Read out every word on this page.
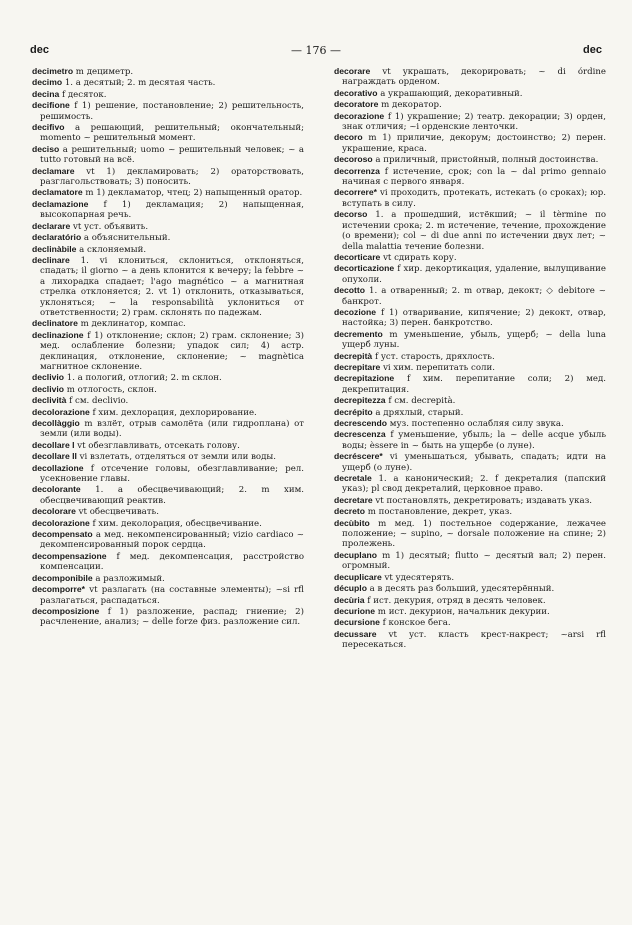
dec	— 176 —	dec

decimetro m дециметр.

decimo 1. a десятый; 2. m десятая часть.

decina f десяток.

decifione f 1) решение, постановление; 2) решительность, решимость.

decifivo a решающий, решительный; окончательный; momento ~ решительный момент.

deciso a решительный; uomo ~ решительный человек; ~ a tutto готовый на всё.

declamare vt 1) декламировать; 2) ораторствовать, разглагольствовать; 3) поносить.

declamatore m 1) декламатор, чтец; 2) напыщенный оратор.

declamazione f 1) декламация; 2) напыщенная, высокопарная речь.

declarare vt уст. объявить.

declaratório a объяснительный.

declinàbile a склоняемый.

declinare 1. vi клониться, склониться, отклоняться, спадать; il giorno ~ a день клонится к вечеру; la febbre ~ a лихорадка спадает; l'ago magnético ~ a магнитная стрелка отклоняется; 2. vt 1) отклонить, отказываться, уклоняться; ~ la responsabilità уклониться от ответственности; 2) грам. склонять по падежам.

declinatore m деклинатор, компас.

declinazione f 1) отклонение; склон; 2) грам. склонение; 3) мед. ослабление болезни; упадок сил; 4) астр. деклинация, отклонение, склонение; ~ magnètica магнитное склонение.

declivio 1. a пологий, отлогий; 2. m склон.

declivio m отлогость, склон.

declività f см. declivio.

decolorazione f хим. дехлорация, дехлорирование.

decollàggio m взлёт, отрыв самолёта (или гидроплана) от земли (или воды).

decollare I vt обезглавливать, отсекать голову.

decollare II vi взлетать, отделяться от земли или воды.

decollazione f отсечение головы, обезглавливание; рел. усекновение главы.

decolorante 1. a обесцвечивающий; 2. m хим. обесцвечивающий реактив.

decolorare vt обесцвечивать.

decolorazione f хим. деколорация, обесцвечивание.

decompensato a мед. некомпенсированный; vizio cardiaco ~ декомпенсированный порок сердца.

decompensazione f мед. декомпенсация, расстройство компенсации.

decomponibile a разложимый.

decomporre* vt разлагать (на составные элементы); ~si rfl разлагаться, распадаться.

decomposizione f 1) разложение, распад; гниение; 2) расчленение, анализ; ~ delle forze физ. разложение сил.

decorare vt украшать, декорировать; ~ di órdine награждать орденом.

decorativo a украшающий, декоративный.

decoratore m декоратор.

decorazione f 1) украшение; 2) театр. декорации; 3) орден, знак отличия; ~i орденские ленточки.

decoro m 1) приличие, декорум; достоинство; 2) перен. украшение, краса.

decoroso a приличный, пристойный, полный достоинства.

decorrenza f истечение, срок; con la ~ dal primo gennaio начиная с первого января.

decorrere* vi проходить, протекать, истекать (о сроках); юр. вступать в силу.

decorso 1. a прошедший, истёкший; ~ il tèrmine по истечении срока; 2. m истечение, течение, прохождение (о времени); col ~ di due anni по истечении двух лет; ~ della malattia течение болезни.

decorticare vt сдирать кору.

decorticazione f хир. декортикация, удаление, вылущивание опухоли.

decotto 1. a отваренный; 2. m отвар, декокт; ◇ debitore ~ банкрот.

decozione f 1) отваривание, кипячение; 2) декокт, отвар, настойка; 3) перен. банкротство.

decremento m уменьшение, убыль, ущерб; ~ della luna ущерб луны.

decrepità f уст. старость, дряхлость.

decrepitare vi хим. перепитать соли.

decrepitazione f хим. перепитание соли; 2) мед. декрепитация.

decrepitezza f см. decrepità.

decrépito a дряхлый, старый.

decrescendo муз. постепенно ослабляя силу звука.

decrescenza f уменьшение, убыль; la ~ delle acque убыль воды; èssere in ~ быть на ущербе (о луне).

decréscere* vi уменьшаться, убывать, спадать; идти на ущерб (о луне).

decretale 1. a канонический; 2. f декреталия (папский указ); pl свод декреталий, церковное право.

decretare vt постановлять, декретировать; издавать указ.

decreto m постановление, декрет, указ.

decùbito m мед. 1) постельное содержание, лежачее положение; ~ supino, ~ dorsale положение на спине; 2) пролежень.

decuplano m 1) десятый; flutto ~ десятый вал; 2) перен. огромный.

decuplicare vt удесятерять.

décuplo a в десять раз больший, удесятерённый.

decùria f ист. декурия, отряд в десять человек.

decurione m ист. декурион, начальник декурии.

decursione f конское бега.

decussare vt уст. класть крест-накрест; ~arsi rfl пересекаться.
